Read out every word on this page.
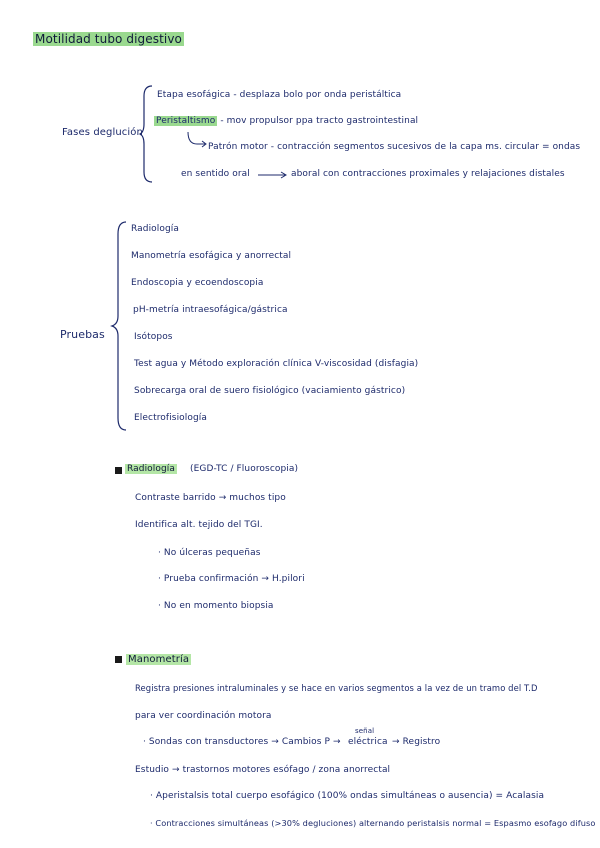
Motilidad tubo digestivo
Fases deglución
Etapa esofágica - desplaza bolo por onda peristáltica
Peristaltismo - mov propulsor ppa tracto gastrointestinal
Patrón motor - contracción segmentos sucesivos de la capa ms. circular = ondas
en sentido oral	aboral con contracciones proximales y relajaciones distales
Pruebas
Radiología
Manometría esofágica y anorrectal
Endoscopia y ecoendoscopia
pH-metría intraesofágica/gástrica
Isótopos
Test agua y Método exploración clínica V-viscosidad (disfagia)
Sobrecarga oral de suero fisiológico (vaciamiento gástrico)
Electrofisiología
Radiología (EGD-TC / Fluoroscopia)
Contraste barrido → muchos tipo
Identifica alt. tejido del TGI.
· No úlceras pequeñas
· Prueba confirmación → H.pilori
· No en momento biopsia
Manometría
Registra presiones intraluminales y se hace en varios segmentos a la vez de un tramo del T.D
para ver coordinación motora
· Sondas con transductores → Cambios P →
señal
eléctrica → Registro
Estudio → trastornos motores esófago / zona anorrectal
· Aperistalsis total cuerpo esofágico (100% ondas simultáneas o ausencia) = Acalasia
· Contracciones simultáneas (>30% degluciones) alternando peristalsis normal = Espasmo esofago difuso
